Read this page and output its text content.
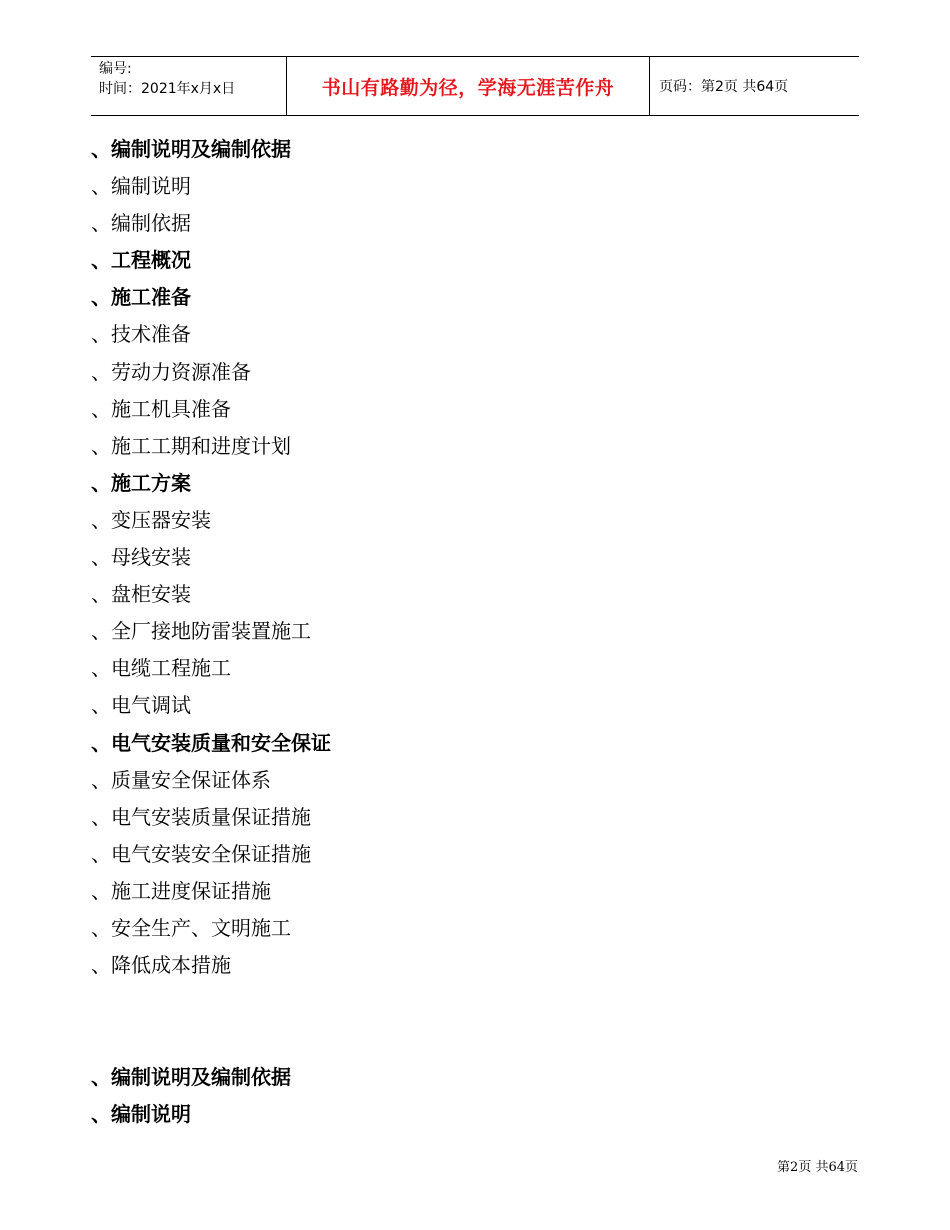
编号:
时间：2021年x月x日	书山有路勤为径，学海无涯苦作舟	页码：第2页 共64页
、编制说明及编制依据
、编制说明
、编制依据
、工程概况
、施工准备
、技术准备
、劳动力资源准备
、施工机具准备
、施工工期和进度计划
、施工方案
、变压器安装
、母线安装
、盘柜安装
、全厂接地防雷装置施工
、电缆工程施工
、电气调试
、电气安装质量和安全保证
、质量安全保证体系
、电气安装质量保证措施
、电气安装安全保证措施
、施工进度保证措施
、安全生产、文明施工
、降低成本措施
、编制说明及编制依据
、编制说明
第2页 共64页
